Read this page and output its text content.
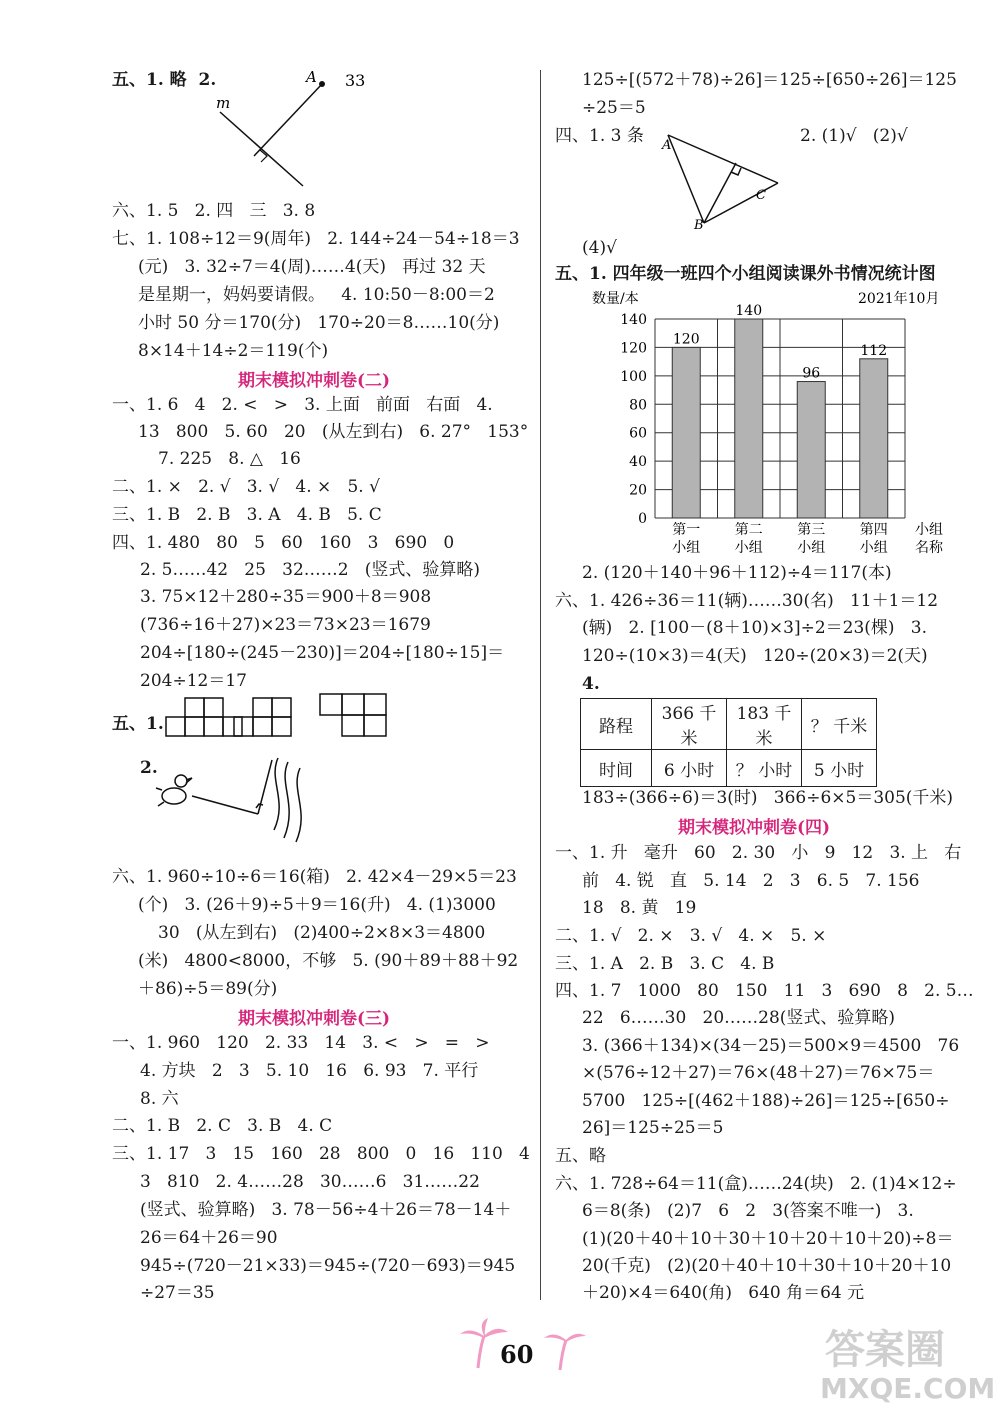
五、1. 略  2.	A
m
33
六、1. 5   2. 四   三   3. 8
七、1. 108÷12＝9(周年)   2. 144÷24－54÷18＝3
(元)   3. 32÷7＝4(周)……4(天)   再过 32 天
是星期一，妈妈要请假。   4. 10:50－8:00＝2
小时 50 分＝170(分)   170÷20＝8……10(分)
8×14＋14÷2＝119(个)
期末模拟冲刺卷(二)
一、1. 6   4   2. <   >   3. 上面   前面   右面   4.
13   800   5. 60   20   (从左到右)   6. 27°   153°
7. 225   8. △   16
二、1. ×   2. √   3. √   4. ×   5. √
三、1. B   2. B   3. A   4. B   5. C
四、1. 480   80   5   60   160   3   690   0
2. 5……42   25   32……2   (竖式、验算略)
3. 75×12＋280÷35＝900＋8＝908
(736÷16＋27)×23＝73×23＝1679
204÷[180÷(245－230)]＝204÷[180÷15]＝
204÷12＝17
五、1.
2.
六、1. 960÷10÷6＝16(箱)   2. 42×4－29×5＝23
(个)   3. (26＋9)÷5＋9＝16(升)   4. (1)3000
30   (从左到右)   (2)400÷2×8×3＝4800
(米)   4800<8000，不够   5. (90＋89＋88＋92
＋86)÷5＝89(分)
期末模拟冲刺卷(三)
一、1. 960   120   2. 33   14   3. <   >   =   >
4. 方块   2   3   5. 10   16   6. 93   7. 平行
8. 六
二、1. B   2. C   3. B   4. C
三、1. 17   3   15   160   28   800   0   16   110   4
3   810   2. 4……28   30……6   31……22
(竖式、验算略)   3. 78－56÷4＋26＝78－14＋
26＝64＋26＝90
945÷(720－21×33)＝945÷(720－693)＝945
÷27＝35
125÷[(572＋78)÷26]＝125÷[650÷26]＝125
÷25＝5
四、1. 3 条	2. (1)√   (2)√
A
B
C
(4)√
五、1. 四年级一班四个小组阅读课外书情况统计图
数量/本	2021年10月
0
20
40
60
80
100
120
140
120
第一
小组
140
第二
小组
96
第三
小组
112
第四
小组
小组
名称
2. (120＋140＋96＋112)÷4＝117(本)
六、1. 426÷36＝11(辆)……30(名)   11＋1＝12
(辆)   2. [100－(8＋10)×3]÷2＝23(棵)   3.
120÷(10×3)＝4(天)   120÷(20×3)＝2(天)
4.
路程	366 千米	183 千米	？ 千米
时间	6 小时	？ 小时	5 小时
183÷(366÷6)＝3(时)   366÷6×5＝305(千米)
期末模拟冲刺卷(四)
一、1. 升   毫升   60   2. 30   小   9   12   3. 上   右
前   4. 锐   直   5. 14   2   3   6. 5   7. 156
18   8. 黄   19
二、1. √   2. ×   3. √   4. ×   5. ×
三、1. A   2. B   3. C   4. B
四、1. 7   1000   80   150   11   3   690   8   2. 5…
22   6……30   20……28(竖式、验算略)
3. (366＋134)×(34－25)＝500×9＝4500   76
×(576÷12＋27)＝76×(48＋27)＝76×75＝
5700   125÷[(462＋188)÷26]＝125÷[650÷
26]＝125÷25＝5
五、略
六、1. 728÷64＝11(盒)……24(块)   2. (1)4×12÷
6＝8(条)   (2)7   6   2   3(答案不唯一)   3.
(1)(20＋40＋10＋30＋10＋20＋10＋20)÷8＝
20(千克)   (2)(20＋40＋10＋30＋10＋20＋10
＋20)×4＝640(角)   640 角＝64 元
60	答案圈
MXQE.COM
